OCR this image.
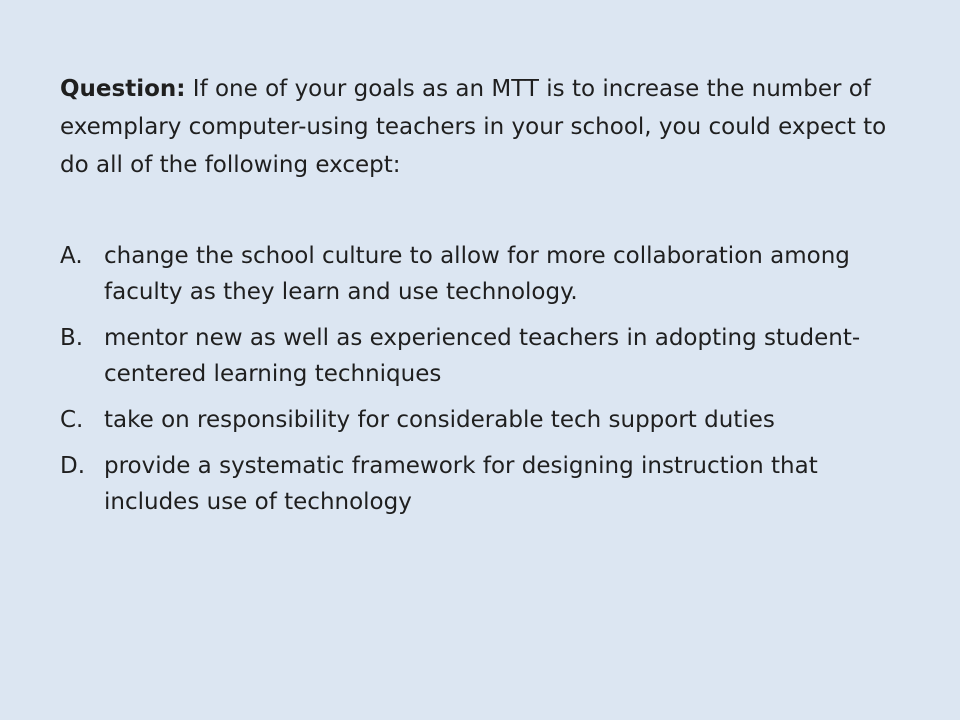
Question: If one of your goals as an MTT is to increase the number of exemplary computer-using teachers in your school, you could expect to do all of the following except:

A. change the school culture to allow for more collaboration among faculty as they learn and use technology.
B. mentor new as well as experienced teachers in adopting student-centered learning techniques
C. take on responsibility for considerable tech support duties
D. provide a systematic framework for designing instruction that includes use of technology
